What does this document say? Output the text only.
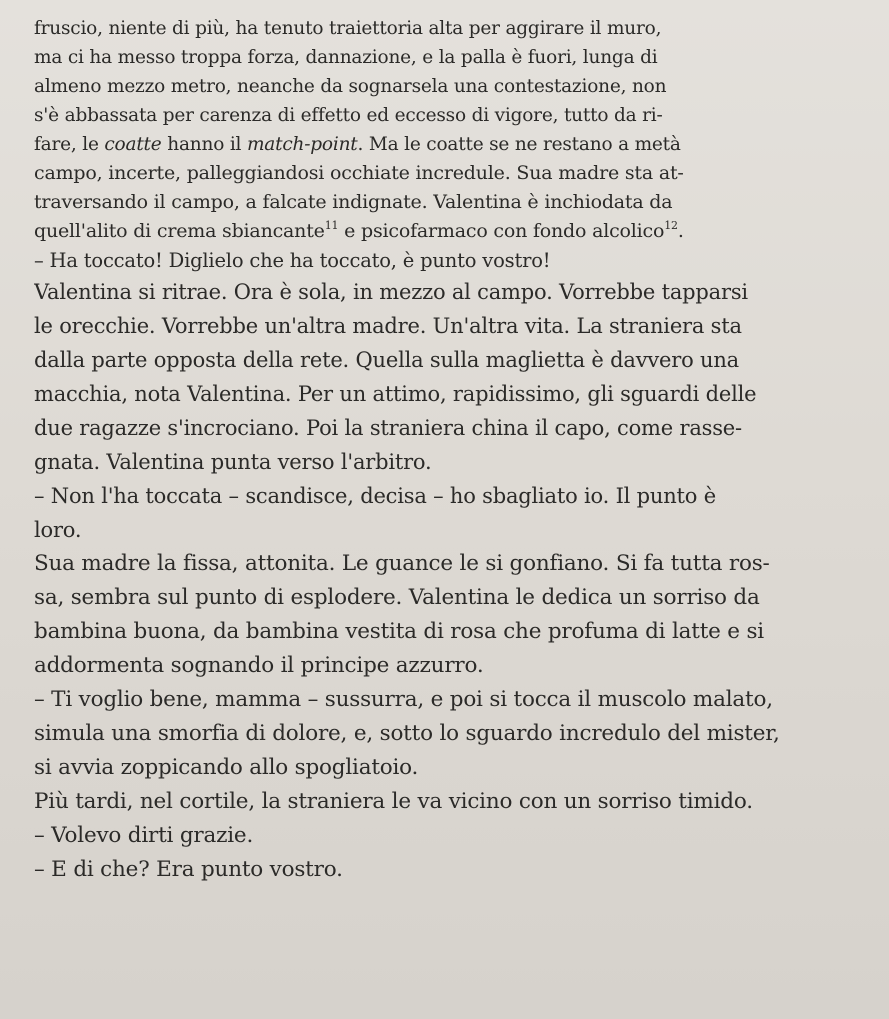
fruscio, niente di più, ha tenuto traiettoria alta per aggirare il muro,
ma ci ha messo troppa forza, dannazione, e la palla è fuori, lunga di
almeno mezzo metro, neanche da sognarsela una contestazione, non
s'è abbassata per carenza di effetto ed eccesso di vigore, tutto da ri-
fare, le coatte hanno il match-point. Ma le coatte se ne restano a metà
campo, incerte, palleggiandosi occhiate incredule. Sua madre sta at-
traversando il campo, a falcate indignate. Valentina è inchiodata da
quell'alito di crema sbiancante$^{11}$ e psicofarmaco con fondo alcolico$^{12}$.
– Ha toccato! Diglielo che ha toccato, è punto vostro!
Valentina si ritrae. Ora è sola, in mezzo al campo. Vorrebbe tapparsi
le orecchie. Vorrebbe un'altra madre. Un'altra vita. La straniera sta
dalla parte opposta della rete. Quella sulla maglietta è davvero una
macchia, nota Valentina. Per un attimo, rapidissimo, gli sguardi delle
due ragazze s'incrociano. Poi la straniera china il capo, come rasse-
gnata. Valentina punta verso l'arbitro.
– Non l'ha toccata – scandisce, decisa – ho sbagliato io. Il punto è
loro.
Sua madre la fissa, attonita. Le guance le si gonfiano. Si fa tutta ros-
sa, sembra sul punto di esplodere. Valentina le dedica un sorriso da
bambina buona, da bambina vestita di rosa che profuma di latte e si
addormenta sognando il principe azzurro.
– Ti voglio bene, mamma – sussurra, e poi si tocca il muscolo malato,
simula una smorfia di dolore, e, sotto lo sguardo incredulo del mister,
si avvia zoppicando allo spogliatoio.
Più tardi, nel cortile, la straniera le va vicino con un sorriso timido.
– Volevo dirti grazie.
– E di che? Era punto vostro.
